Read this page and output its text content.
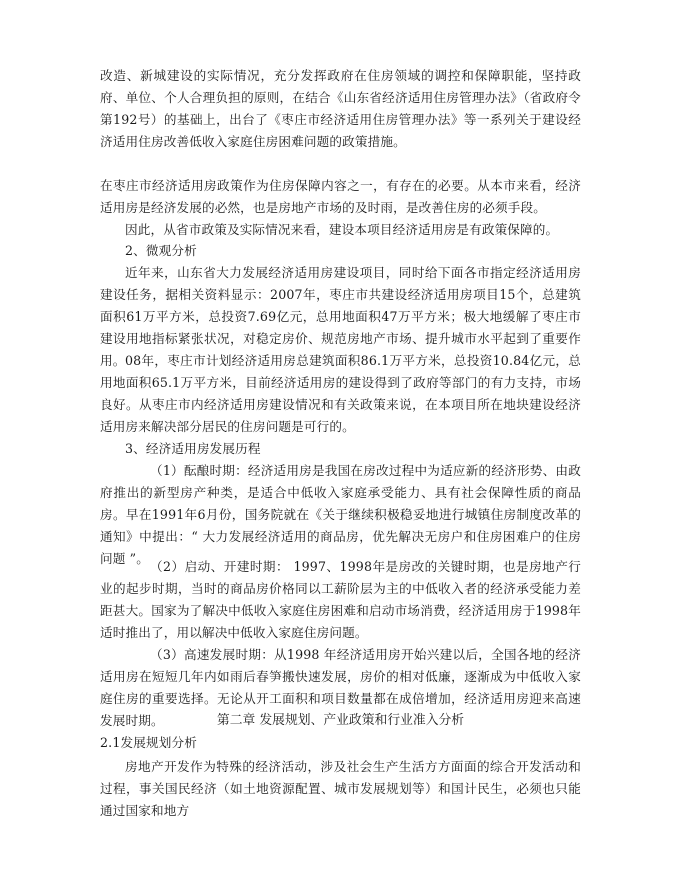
改造、新城建设的实际情况，充分发挥政府在住房领域的调控和保障职能，坚持政府、单位、个人合理负担的原则，在结合《山东省经济适用住房管理办法》（省政府令第192号）的基础上，出台了《枣庄市经济适用住房管理办法》等一系列关于建设经济适用住房改善低收入家庭住房困难问题的政策措施。

在枣庄市经济适用房政策作为住房保障内容之一，有存在的必要。从本市来看，经济适用房是经济发展的必然，也是房地产市场的及时雨，是改善住房的必须手段。

因此，从省市政策及实际情况来看，建设本项目经济适用房是有政策保障的。

2、微观分析

近年来，山东省大力发展经济适用房建设项目，同时给下面各市指定经济适用房建设任务，据相关资料显示：2007年，枣庄市共建设经济适用房项目15个，总建筑面积61万平方米，总投资7.69亿元，总用地面积47万平方米；极大地缓解了枣庄市建设用地指标紧张状况，对稳定房价、规范房地产市场、提升城市水平起到了重要作用。 08年，枣庄市计划经济适用房总建筑面积86.1万平方米，总投资10.84亿元，总用地面积65.1万平方米，目前经济适用房的建设得到了政府等部门的有力支持，市场良好。从枣庄市内经济适用房建设情况和有关政策来说，在本项目所在地块建设经济适用房来解决部分居民的住房问题是可行的。

3、经济适用房发展历程

（1）酝酿时期：经济适用房是我国在房改过程中为适应新的经济形势、由政府推出的新型房产种类，是适合中低收入家庭承受能力、具有社会保障性质的商品房。早在1991年6月份，国务院就在《关于继续积极稳妥地进行城镇住房制度改革的通知》中提出：“ 大力发展经济适用的商品房，优先解决无房户和住房困难户的住房问题 ”。

（2）启动、开建时期： 1997、1998年是房改的关键时期，也是房地产行业的起步时期，当时的商品房价格同以工薪阶层为主的中低收入者的经济承受能力差距甚大。国家为了解决中低收入家庭住房困难和启动市场消费，经济适用房于1998年适时推出了，用以解决中低收入家庭住房问题。

（3）高速发展时期：从1998 年经济适用房开始兴建以后，全国各地的经济适用房在短短几年内如雨后春笋搬快速发展，房价的相对低廉，逐渐成为中低收入家庭住房的重要选择。无论从开工面积和项目数量都在成倍增加，经济适用房迎来高速发展时期。	第二章 发展规划、产业政策和行业准入分析

2.1发展规划分析

房地产开发作为特殊的经济活动，涉及社会生产生活方方面面的综合开发活动和过程，事关国民经济（如土地资源配置、城市发展规划等）和国计民生，必须也只能通过国家和地方
